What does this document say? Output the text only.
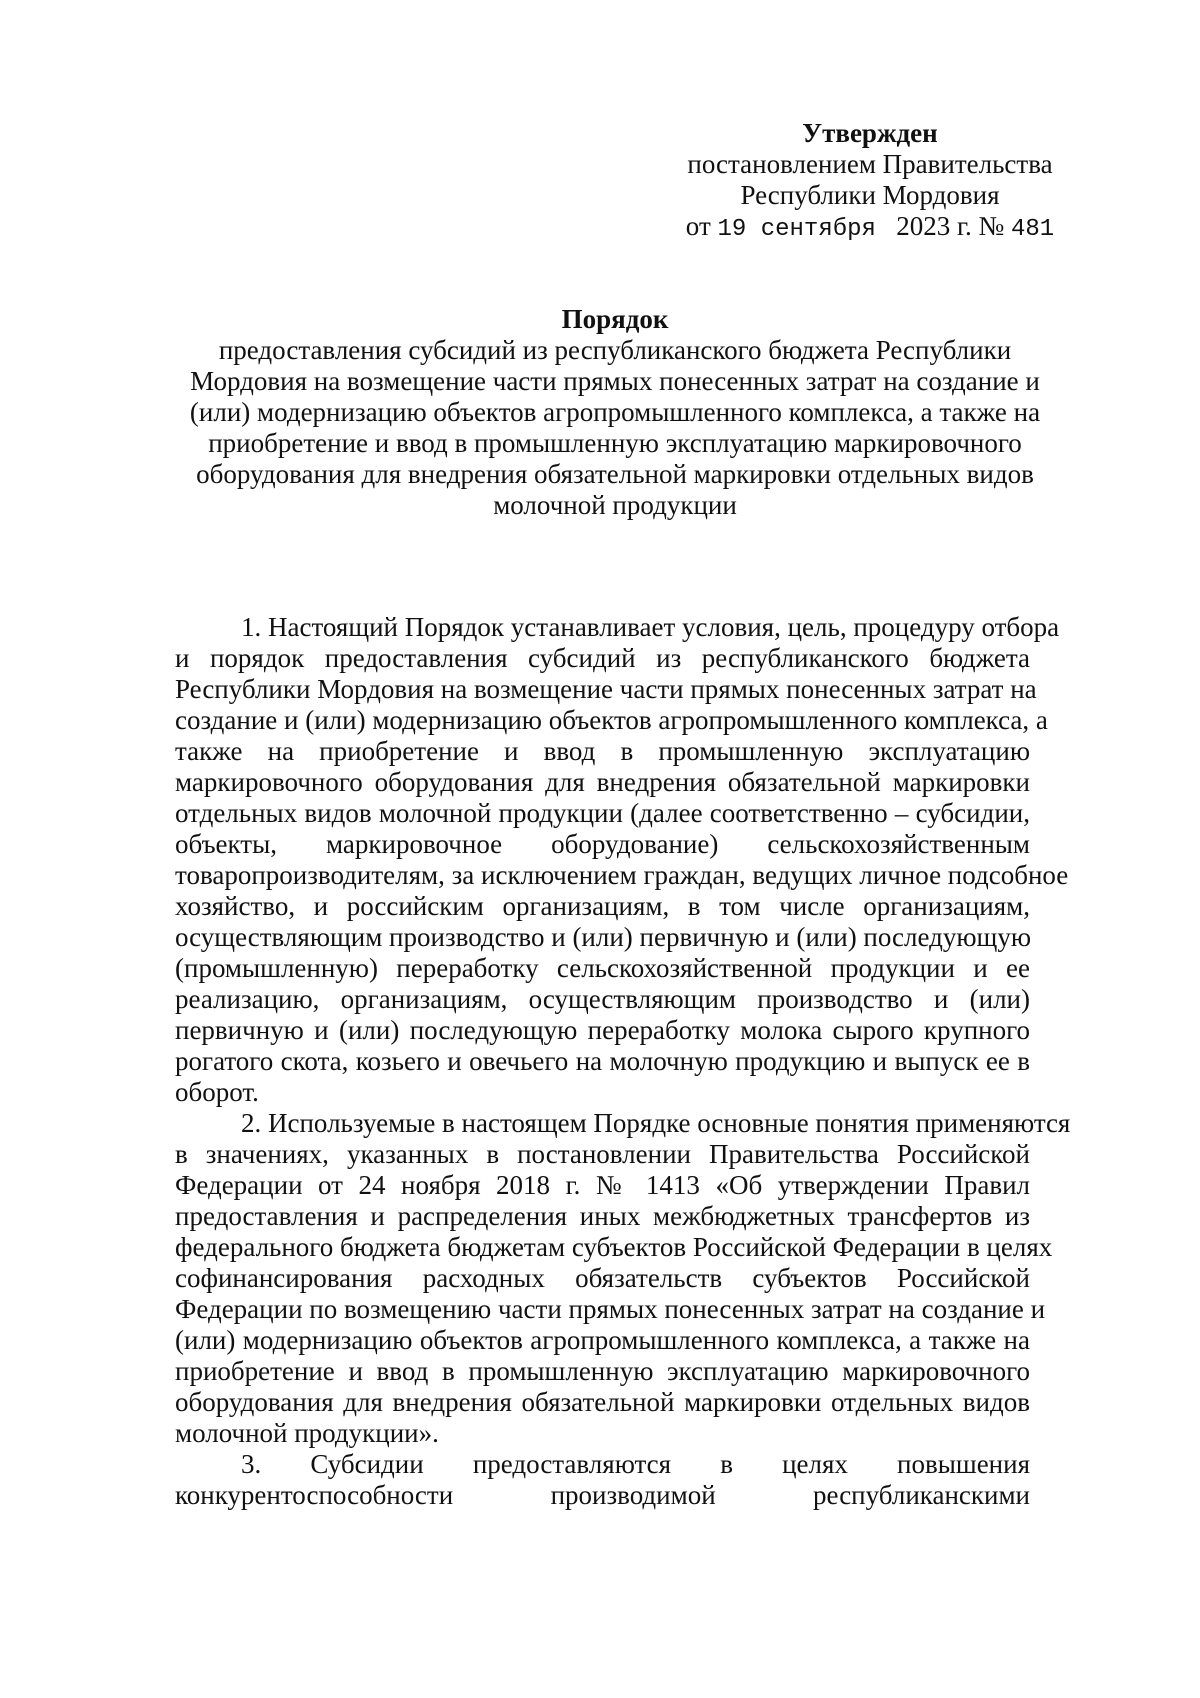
Утвержден
постановлением Правительства
Республики Мордовия
от 19 сентября 2023 г. № 481
Порядок
предоставления субсидий из республиканского бюджета Республики
Мордовия на возмещение части прямых понесенных затрат на создание и
(или) модернизацию объектов агропромышленного комплекса, а также на
приобретение и ввод в промышленную эксплуатацию маркировочного
оборудования для внедрения обязательной маркировки отдельных видов
молочной продукции
1. Настоящий Порядок устанавливает условия, цель, процедуру отбора
и порядок предоставления субсидий из республиканского бюджета
Республики Мордовия на возмещение части прямых понесенных затрат на
создание и (или) модернизацию объектов агропромышленного комплекса, а
также на приобретение и ввод в промышленную эксплуатацию
маркировочного оборудования для внедрения обязательной маркировки
отдельных видов молочной продукции (далее соответственно – субсидии,
объекты, маркировочное оборудование) сельскохозяйственным
товаропроизводителям, за исключением граждан, ведущих личное подсобное
хозяйство, и российским организациям, в том числе организациям,
осуществляющим производство и (или) первичную и (или) последующую
(промышленную) переработку сельскохозяйственной продукции и ее
реализацию, организациям, осуществляющим производство и (или)
первичную и (или) последующую переработку молока сырого крупного
рогатого скота, козьего и овечьего на молочную продукцию и выпуск ее в
оборот.
2. Используемые в настоящем Порядке основные понятия применяются
в значениях, указанных в постановлении Правительства Российской
Федерации от 24 ноября 2018 г. № 1413 «Об утверждении Правил
предоставления и распределения иных межбюджетных трансфертов из
федерального бюджета бюджетам субъектов Российской Федерации в целях
софинансирования расходных обязательств субъектов Российской
Федерации по возмещению части прямых понесенных затрат на создание и
(или) модернизацию объектов агропромышленного комплекса, а также на
приобретение и ввод в промышленную эксплуатацию маркировочного
оборудования для внедрения обязательной маркировки отдельных видов
молочной продукции».
3. Субсидии предоставляются в целях повышения
конкурентоспособности производимой республиканскими
